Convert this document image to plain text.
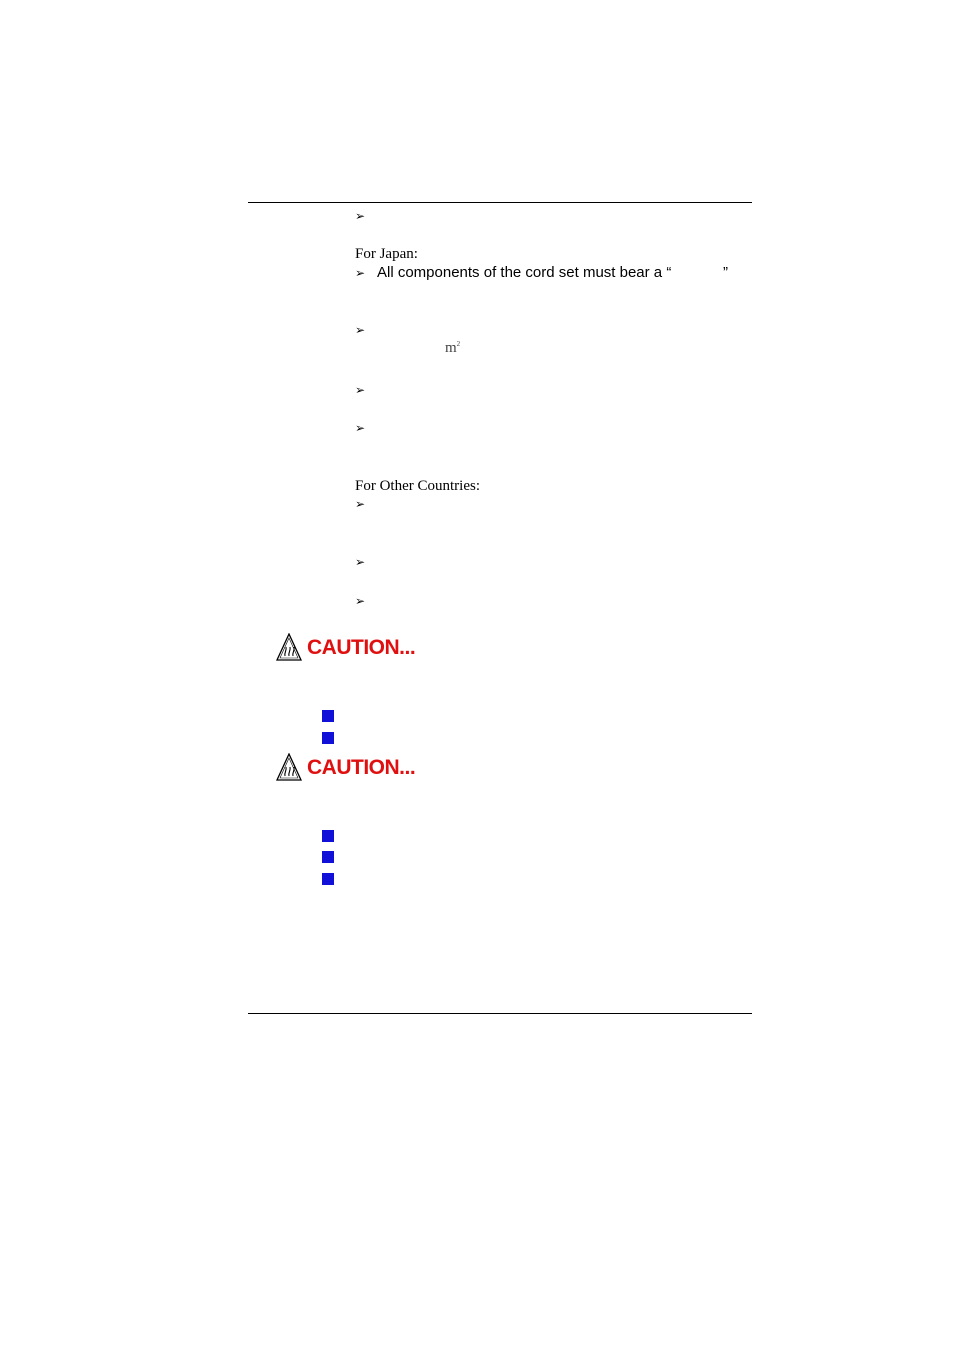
➢
For Japan:
➢ All components of the cord set must bear a “	”
➢
$m^2$
➢
➢
For Other Countries:
➢
➢
➢
CAUTION...
CAUTION...
